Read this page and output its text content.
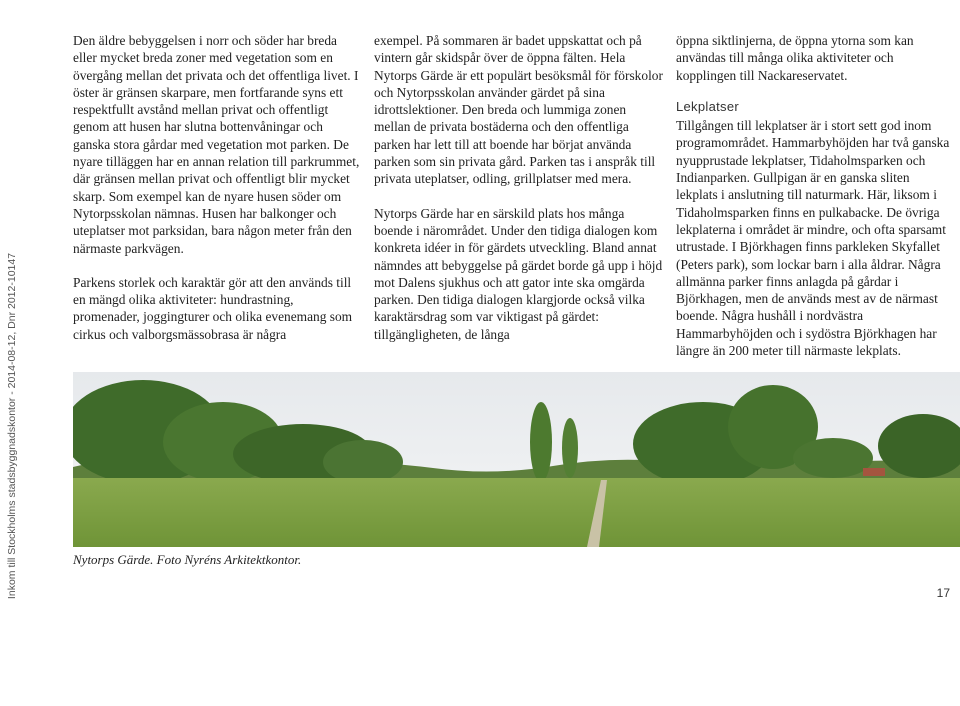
Inkom till Stockholms stadsbyggnadskontor - 2014-08-12, Dnr 2012-10147

Den äldre bebyggelsen i norr och söder har breda eller mycket breda zoner med vegetation som en övergång mellan det privata och det offentliga livet. I öster är gränsen skarpare, men fortfarande syns ett respektfullt avstånd mellan privat och offentligt genom att husen har slutna bottenvåningar och ganska stora gårdar med vegetation mot parken. De nyare tilläggen har en annan relation till parkrummet, där gränsen mellan privat och offentligt blir mycket skarp. Som exempel kan de nyare husen söder om Nytorpsskolan nämnas. Husen har balkonger och uteplatser mot parksidan, bara någon meter från den närmaste parkvägen.

Parkens storlek och karaktär gör att den används till en mängd olika aktiviteter: hundrastning, promenader, joggingturer och olika evenemang som cirkus och valborgsmässobrasa är några

exempel. På sommaren är badet uppskattat och på vintern går skidspår över de öppna fälten. Hela Nytorps Gärde är ett populärt besöksmål för förskolor och Nytorpsskolan använder gärdet på sina idrottslektioner. Den breda och lummiga zonen mellan de privata bostäderna och den offentliga parken har lett till att boende har börjat använda parken som sin privata gård. Parken tas i anspråk till privata uteplatser, odling, grillplatser med mera.

Nytorps Gärde har en särskild plats hos många boende i närområdet. Under den tidiga dialogen kom konkreta idéer in för gärdets utveckling. Bland annat nämndes att bebyggelse på gärdet borde gå upp i höjd mot Dalens sjukhus och att gator inte ska omgärda parken. Den tidiga dialogen klargjorde också vilka karaktärsdrag som var viktigast på gärdet: tillgängligheten, de långa

öppna siktlinjerna, de öppna ytorna som kan användas till många olika aktiviteter och kopplingen till Nackareservatet.

Lekplatser

Tillgången till lekplatser är i stort sett god inom programområdet. Hammarbyhöjden har två ganska nyupprustade lekplatser, Tidaholmsparken och Indianparken. Gullpigan är en ganska sliten lekplats i anslutning till naturmark. Här, liksom i Tidaholmsparken finns en pulkabacke. De övriga lekplaterna i området är mindre, och ofta sparsamt utrustade. I Björkhagen finns parkleken Skyfallet (Peters park), som lockar barn i alla åldrar. Några allmänna parker finns anlagda på gårdar i Björkhagen, men de används mest av de närmast boende. Några hushåll i nordvästra Hammarbyhöjden och i sydöstra Björkhagen har längre än 200 meter till närmaste lekplats.

Nytorps Gärde. Foto Nyréns Arkitektkontor.
17
